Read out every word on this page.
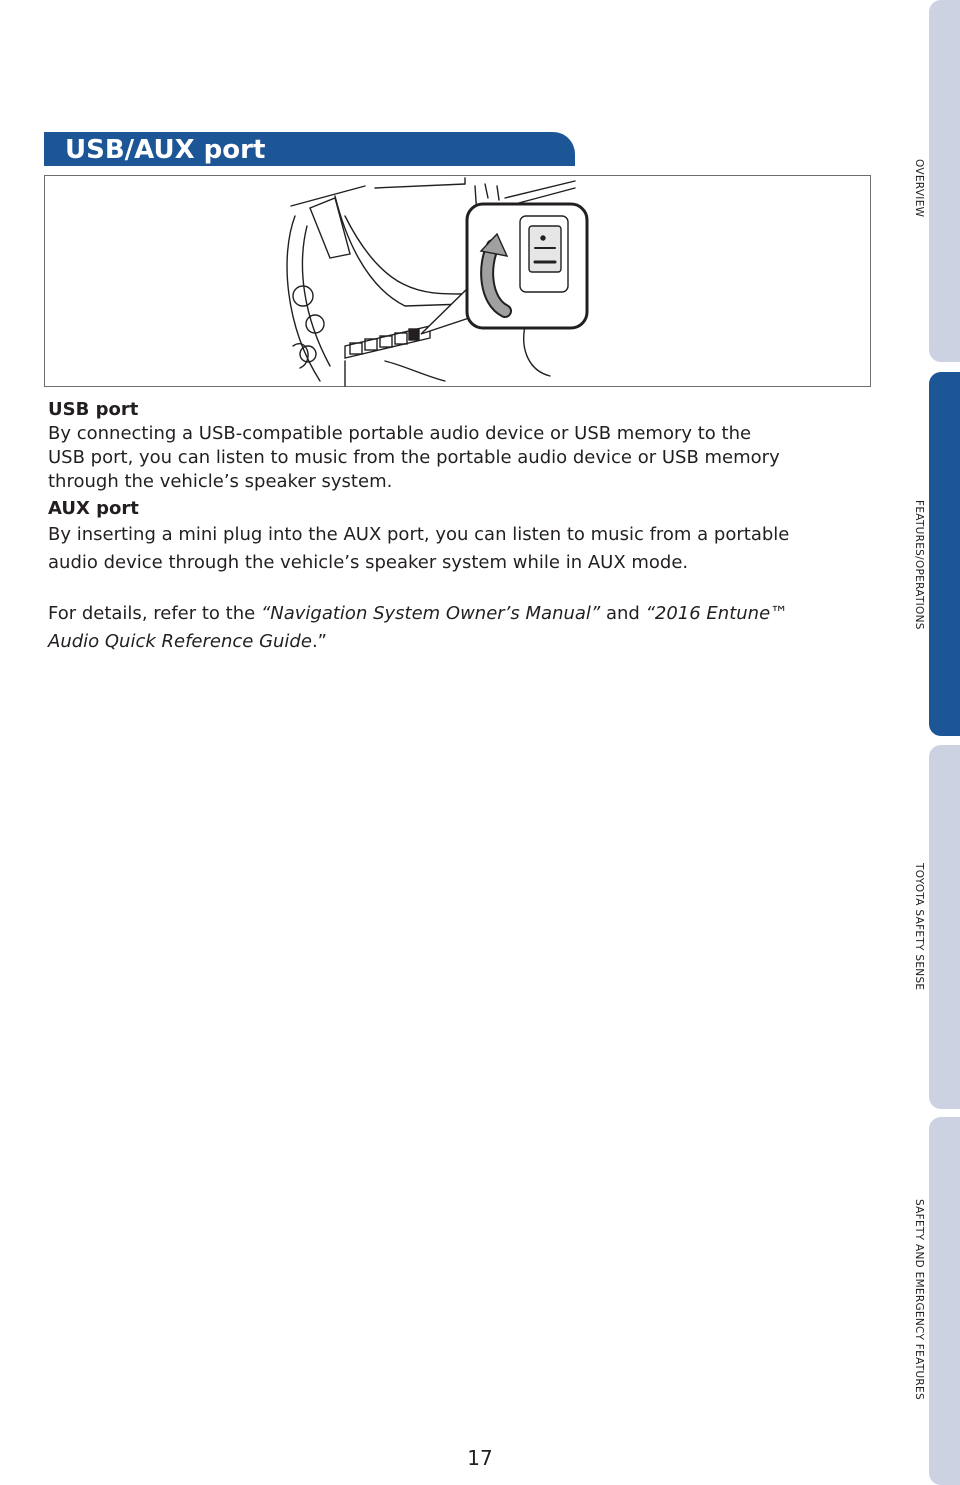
USB/AUX port
USB port
By connecting a USB-compatible portable audio device or USB memory to the
USB port, you can listen to music from the portable audio device or USB memory
through the vehicle’s speaker system.
AUX port
By inserting a mini plug into the AUX port, you can listen to music from a portable
audio device through the vehicle’s speaker system while in AUX mode.
For details, refer to the “Navigation System Owner’s Manual” and “2016 Entune™
Audio Quick Reference Guide.”
17
OVERVIEW
FEATURES/OPERATIONS
TOYOTA SAFETY SENSE
SAFETY AND EMERGENCY FEATURES
